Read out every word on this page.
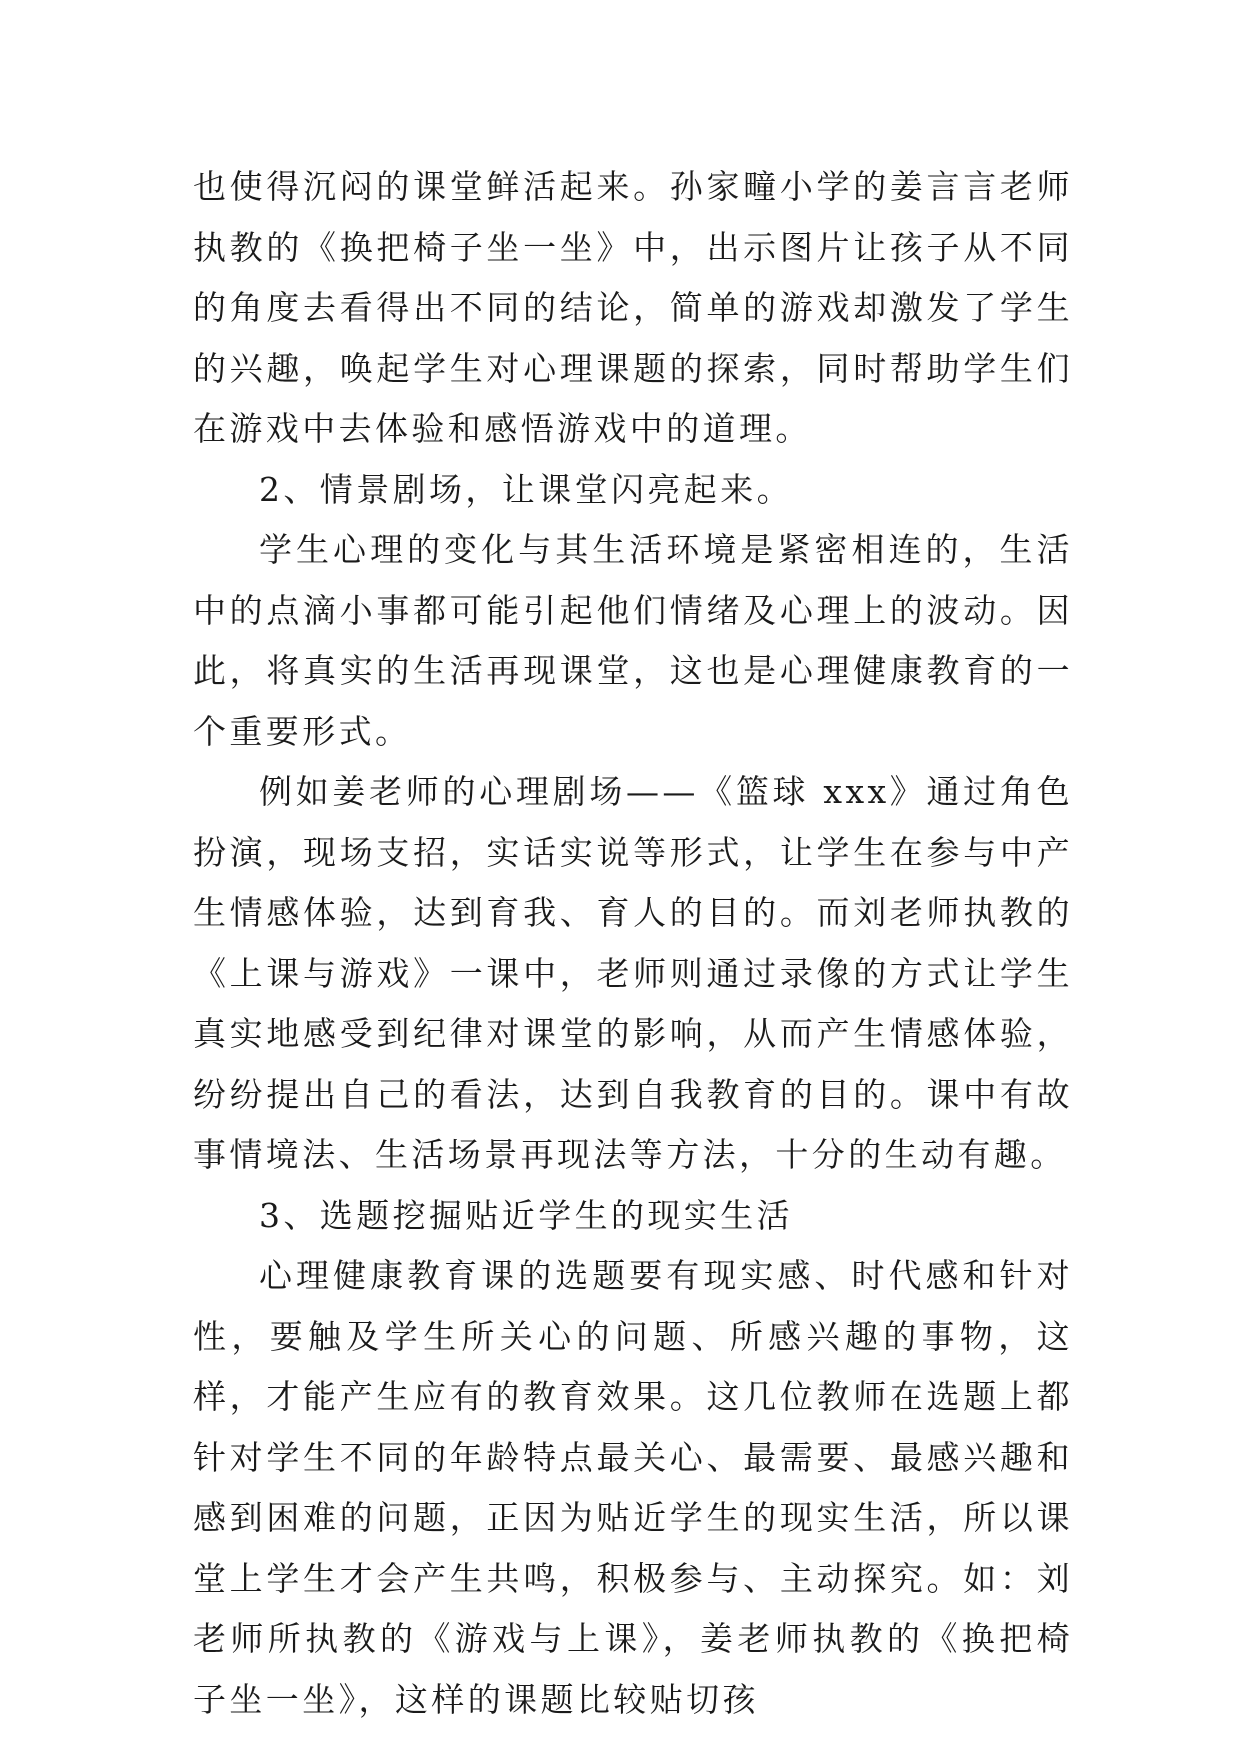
也使得沉闷的课堂鲜活起来。孙家疃小学的姜言言老师执教的《换把椅子坐一坐》中，出示图片让孩子从不同的角度去看得出不同的结论，简单的游戏却激发了学生的兴趣，唤起学生对心理课题的探索，同时帮助学生们在游戏中去体验和感悟游戏中的道理。

2、情景剧场，让课堂闪亮起来。

学生心理的变化与其生活环境是紧密相连的，生活中的点滴小事都可能引起他们情绪及心理上的波动。因此，将真实的生活再现课堂，这也是心理健康教育的一个重要形式。

例如姜老师的心理剧场——《篮球 xxx》通过角色扮演，现场支招，实话实说等形式，让学生在参与中产生情感体验，达到育我、育人的目的。而刘老师执教的《上课与游戏》一课中，老师则通过录像的方式让学生真实地感受到纪律对课堂的影响，从而产生情感体验，纷纷提出自己的看法，达到自我教育的目的。课中有故事情境法、生活场景再现法等方法，十分的生动有趣。

3、选题挖掘贴近学生的现实生活

心理健康教育课的选题要有现实感、时代感和针对性，要触及学生所关心的问题、所感兴趣的事物，这样，才能产生应有的教育效果。这几位教师在选题上都针对学生不同的年龄特点最关心、最需要、最感兴趣和感到困难的问题，正因为贴近学生的现实生活，所以课堂上学生才会产生共鸣，积极参与、主动探究。如：刘老师所执教的《游戏与上课》，姜老师执教的《换把椅子坐一坐》，这样的课题比较贴切孩
